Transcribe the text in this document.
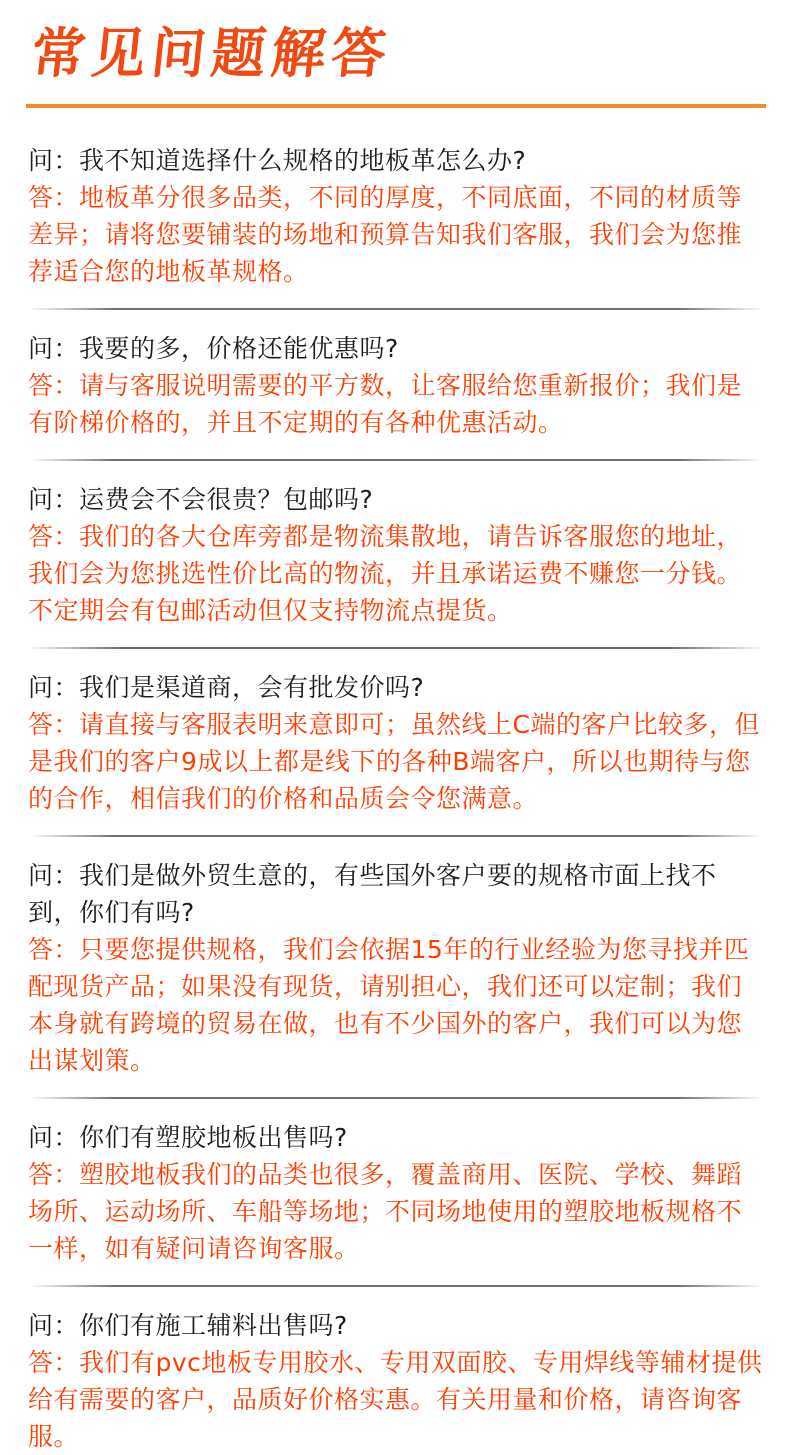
常见问题解答
问：我不知道选择什么规格的地板革怎么办?
答：地板革分很多品类，不同的厚度，不同底面，不同的材质等差异；请将您要铺装的场地和预算告知我们客服，我们会为您推荐适合您的地板革规格。
问：我要的多，价格还能优惠吗?
答：请与客服说明需要的平方数，让客服给您重新报价；我们是有阶梯价格的，并且不定期的有各种优惠活动。
问：运费会不会很贵？包邮吗?
答：我们的各大仓库旁都是物流集散地，请告诉客服您的地址，我们会为您挑选性价比高的物流，并且承诺运费不赚您一分钱。不定期会有包邮活动但仅支持物流点提货。
问：我们是渠道商，会有批发价吗?
答：请直接与客服表明来意即可；虽然线上C端的客户比较多，但是我们的客户9成以上都是线下的各种B端客户，所以也期待与您的合作，相信我们的价格和品质会令您满意。
问：我们是做外贸生意的，有些国外客户要的规格市面上找不到，你们有吗?
答：只要您提供规格，我们会依据15年的行业经验为您寻找并匹配现货产品；如果没有现货，请别担心，我们还可以定制；我们本身就有跨境的贸易在做，也有不少国外的客户，我们可以为您出谋划策。
问：你们有塑胶地板出售吗?
答：塑胶地板我们的品类也很多，覆盖商用、医院、学校、舞蹈场所、运动场所、车船等场地；不同场地使用的塑胶地板规格不一样，如有疑问请咨询客服。
问：你们有施工辅料出售吗?
答：我们有pvc地板专用胶水、专用双面胶、专用焊线等辅材提供给有需要的客户，品质好价格实惠。有关用量和价格，请咨询客服。
